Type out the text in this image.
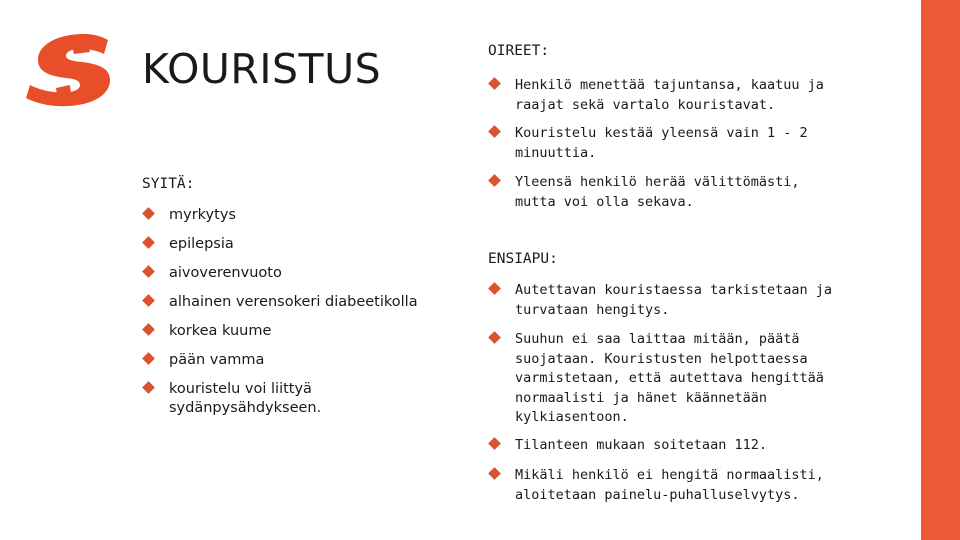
KOURISTUS
SYITÄ:
myrkytys
epilepsia
aivoverenvuoto
alhainen verensokeri diabeetikolla
korkea kuume
pään vamma
kouristelu voi liittyä sydänpysähdykseen.
OIREET:
Henkilö menettää tajuntansa, kaatuu ja raajat sekä vartalo kouristavat.
Kouristelu kestää yleensä vain 1 - 2 minuuttia.
Yleensä henkilö herää välittömästi, mutta voi olla sekava.
ENSIAPU:
Autettavan kouristaessa tarkistetaan ja turvataan hengitys.
Suuhun ei saa laittaa mitään, päätä suojataan. Kouristusten helpottaessa varmistetaan, että autettava hengittää normaalisti ja hänet käännetään kylkiasentoon.
Tilanteen mukaan soitetaan 112.
Mikäli henkilö ei hengitä normaalisti, aloitetaan painelu-puhalluselvytys.
